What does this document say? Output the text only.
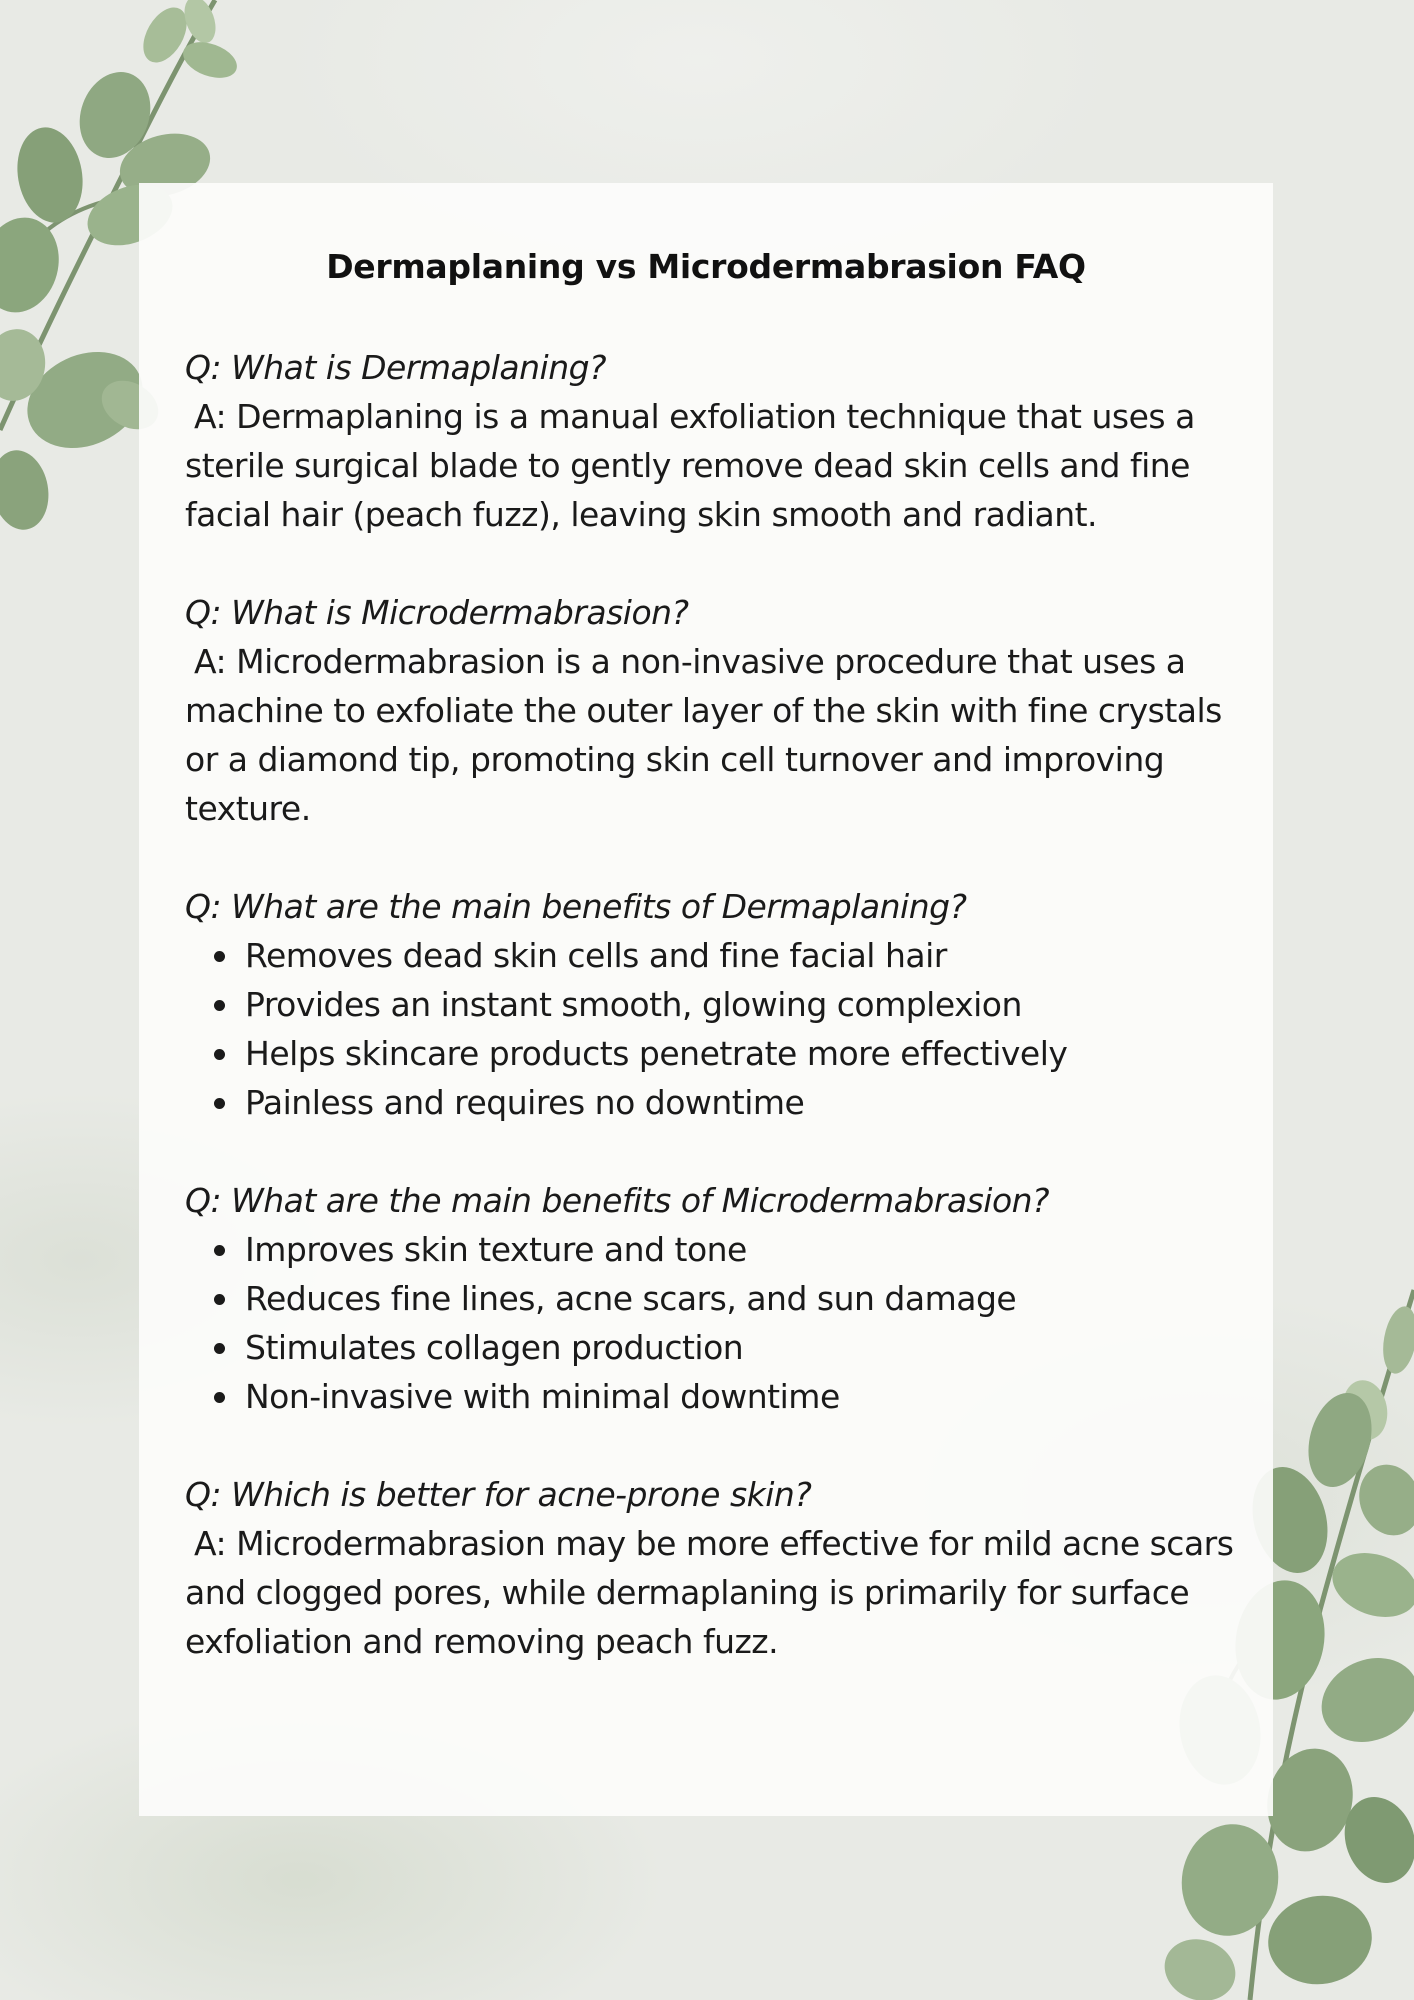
Dermaplaning vs Microdermabrasion FAQ

Q: What is Dermaplaning?

A: Dermaplaning is a manual exfoliation technique that uses a sterile surgical blade to gently remove dead skin cells and fine facial hair (peach fuzz), leaving skin smooth and radiant.

Q: What is Microdermabrasion?

A: Microdermabrasion is a non-invasive procedure that uses a machine to exfoliate the outer layer of the skin with fine crystals or a diamond tip, promoting skin cell turnover and improving texture.

Q: What are the main benefits of Dermaplaning?

Removes dead skin cells and fine facial hair
Provides an instant smooth, glowing complexion
Helps skincare products penetrate more effectively
Painless and requires no downtime

Q: What are the main benefits of Microdermabrasion?

Improves skin texture and tone
Reduces fine lines, acne scars, and sun damage
Stimulates collagen production
Non-invasive with minimal downtime

Q: Which is better for acne-prone skin?

A: Microdermabrasion may be more effective for mild acne scars and clogged pores, while dermaplaning is primarily for surface exfoliation and removing peach fuzz.
